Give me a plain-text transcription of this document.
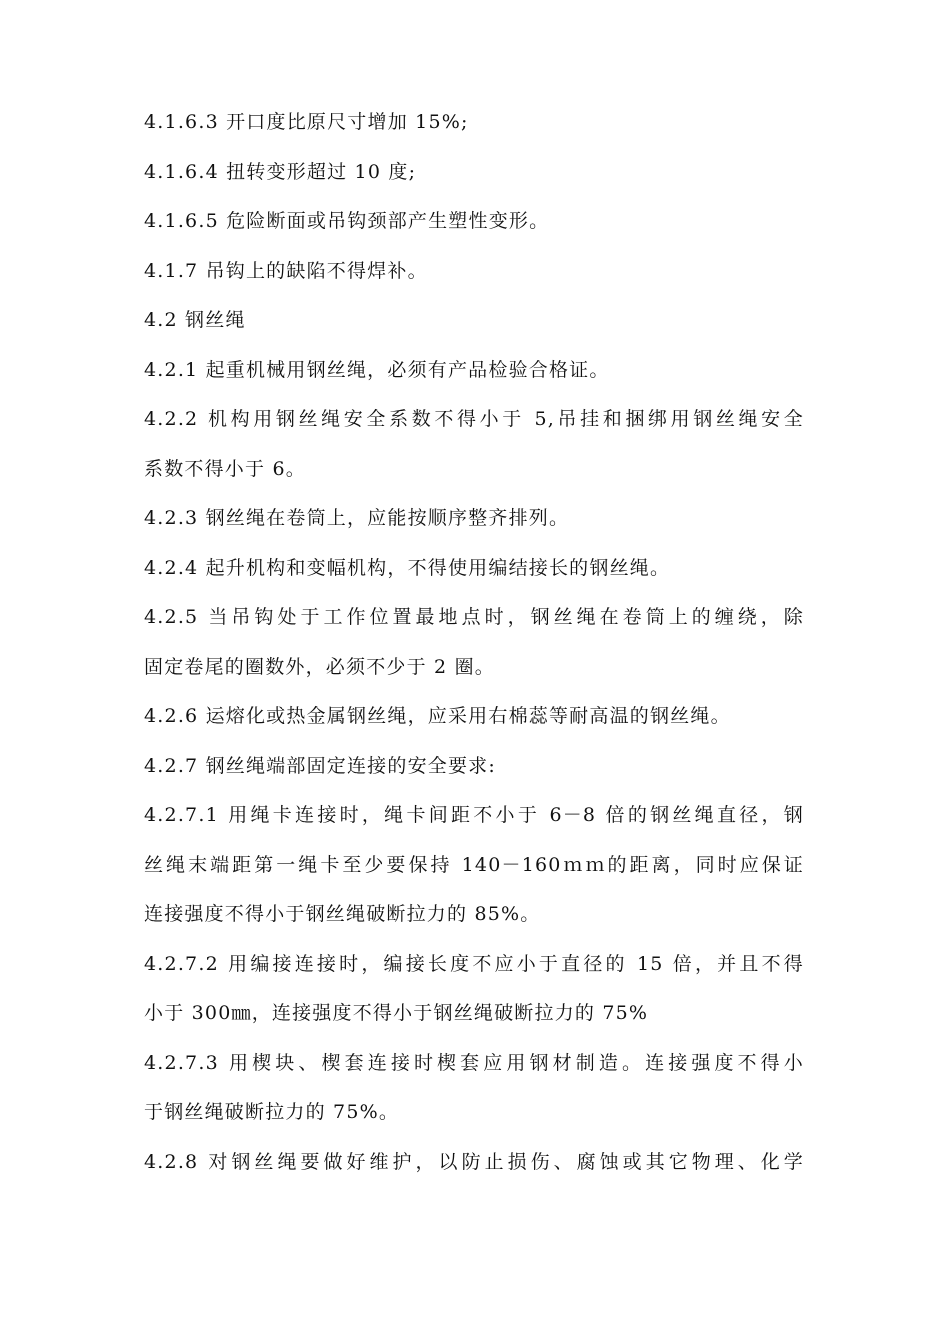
4.1.6.3 开口度比原尺寸增加 15%;
4.1.6.4 扭转变形超过 10 度;
4.1.6.5 危险断面或吊钩颈部产生塑性变形。
4.1.7 吊钩上的缺陷不得焊补。
4.2 钢丝绳
4.2.1 起重机械用钢丝绳，必须有产品检验合格证。
4.2.2 机构用钢丝绳安全系数不得小于 5,吊挂和捆绑用钢丝绳安全
系数不得小于 6。
4.2.3 钢丝绳在卷筒上，应能按顺序整齐排列。
4.2.4 起升机构和变幅机构，不得使用编结接长的钢丝绳。
4.2.5 当吊钩处于工作位置最地点时，钢丝绳在卷筒上的缠绕，除
固定卷尾的圈数外，必须不少于 2 圈。
4.2.6 运熔化或热金属钢丝绳，应采用右棉蕊等耐高温的钢丝绳。
4.2.7 钢丝绳端部固定连接的安全要求:
4.2.7.1 用绳卡连接时，绳卡间距不小于 6－8 倍的钢丝绳直径，钢
丝绳末端距第一绳卡至少要保持 140－160ｍｍ的距离，同时应保证
连接强度不得小于钢丝绳破断拉力的 85%。
4.2.7.2 用编接连接时，编接长度不应小于直径的 15 倍，并且不得
小于 300㎜，连接强度不得小于钢丝绳破断拉力的 75%
4.2.7.3 用楔块、楔套连接时楔套应用钢材制造。连接强度不得小
于钢丝绳破断拉力的 75%。
4.2.8 对钢丝绳要做好维护，以防止损伤、腐蚀或其它物理、化学
